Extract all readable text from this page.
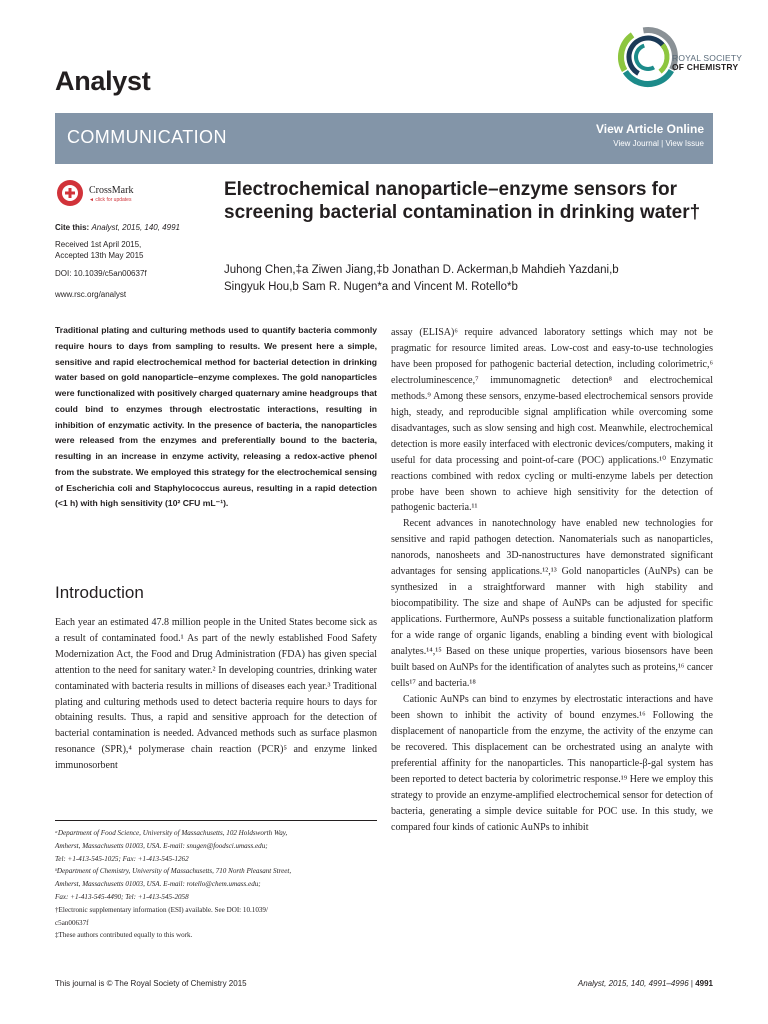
Analyst
ROYAL SOCIETY
OF CHEMISTRY
COMMUNICATION	View Article Online
View Journal | View Issue
CrossMark
◄ click for updates
Cite this: Analyst, 2015, 140, 4991
Received 1st April 2015,
Accepted 13th May 2015
DOI: 10.1039/c5an00637f
www.rsc.org/analyst
Electrochemical nanoparticle–enzyme sensors for screening bacterial contamination in drinking water†
Juhong Chen,‡a Ziwen Jiang,‡b Jonathan D. Ackerman,b Mahdieh Yazdani,b
Singyuk Hou,b Sam R. Nugen*a and Vincent M. Rotello*b
Traditional plating and culturing methods used to quantify bacteria commonly require hours to days from sampling to results. We present here a simple, sensitive and rapid electrochemical method for bacterial detection in drinking water based on gold nanoparticle–enzyme complexes. The gold nanoparticles were functionalized with positively charged quaternary amine headgroups that could bind to enzymes through electrostatic interactions, resulting in inhibition of enzymatic activity. In the presence of bacteria, the nanoparticles were released from the enzymes and preferentially bound to the bacteria, resulting in an increase in enzyme activity, releasing a redox-active phenol from the substrate. We employed this strategy for the electrochemical sensing of Escherichia coli and Staphylococcus aureus, resulting in a rapid detection (<1 h) with high sensitivity (10² CFU mL⁻¹).
Introduction
Each year an estimated 47.8 million people in the United States become sick as a result of contaminated food.¹ As part of the newly established Food Safety Modernization Act, the Food and Drug Administration (FDA) has given special attention to the need for sanitary water.² In developing countries, drinking water contaminated with bacteria results in millions of diseases each year.³ Traditional plating and culturing methods used to detect bacteria require hours to days for obtaining results. Thus, a rapid and sensitive approach for the detection of bacterial contamination is needed. Advanced methods such as surface plasmon resonance (SPR),⁴ polymerase chain reaction (PCR)⁵ and enzyme linked immunosorbent

assay (ELISA)⁶ require advanced laboratory settings which may not be pragmatic for resource limited areas. Low-cost and easy-to-use technologies have been proposed for pathogenic bacterial detection, including colorimetric,⁶ electroluminescence,⁷ immunomagnetic detection⁸ and electrochemical methods.⁹ Among these sensors, enzyme-based electrochemical sensors provide high, steady, and reproducible signal amplification while overcoming some disadvantages, such as slow sensing and high cost. Meanwhile, electrochemical detection is more easily interfaced with electronic devices/computers, making it useful for data processing and point-of-care (POC) applications.¹⁰ Enzymatic reactions combined with redox cycling or multi-enzyme labels per detection probe have been shown to achieve high sensitivity for the detection of pathogenic bacteria.¹¹

Recent advances in nanotechnology have enabled new technologies for sensitive and rapid pathogen detection. Nanomaterials such as nanoparticles, nanorods, nanosheets and 3D-nanostructures have demonstrated significant advantages for sensing applications.¹²,¹³ Gold nanoparticles (AuNPs) can be synthesized in a straightforward manner with high stability and biocompatibility. The size and shape of AuNPs can be adjusted for specific applications. Furthermore, AuNPs possess a suitable functionalization platform for a wide range of organic ligands, enabling a binding event with biological analytes.¹⁴,¹⁵ Based on these unique properties, various biosensors have been built based on AuNPs for the identification of analytes such as proteins,¹⁶ cancer cells¹⁷ and bacteria.¹⁸

Cationic AuNPs can bind to enzymes by electrostatic interactions and have been shown to inhibit the activity of bound enzymes.¹⁶ Following the displacement of nanoparticle from the enzyme, the activity of the enzyme can be recovered. This displacement can be orchestrated using an analyte with preferential affinity for the nanoparticles. This nanoparticle-β-gal system has been reported to detect bacteria by colorimetric response.¹⁹ Here we employ this strategy to provide an enzyme-amplified electrochemical sensor for detection of bacteria, generating a simple device suitable for POC use. In this study, we compared four kinds of cationic AuNPs to inhibit

ᵃDepartment of Food Science, University of Massachusetts, 102 Holdsworth Way,
Amherst, Massachusetts 01003, USA. E-mail: snugen@foodsci.umass.edu;
Tel: +1-413-545-1025; Fax: +1-413-545-1262
ᵇDepartment of Chemistry, University of Massachusetts, 710 North Pleasant Street,
Amherst, Massachusetts 01003, USA. E-mail: rotello@chem.umass.edu;
Fax: +1-413-545-4490; Tel: +1-413-545-2058
†Electronic supplementary information (ESI) available. See DOI: 10.1039/
c5an00637f
‡These authors contributed equally to this work.
This journal is © The Royal Society of Chemistry 2015	Analyst, 2015, 140, 4991–4996 | 4991
